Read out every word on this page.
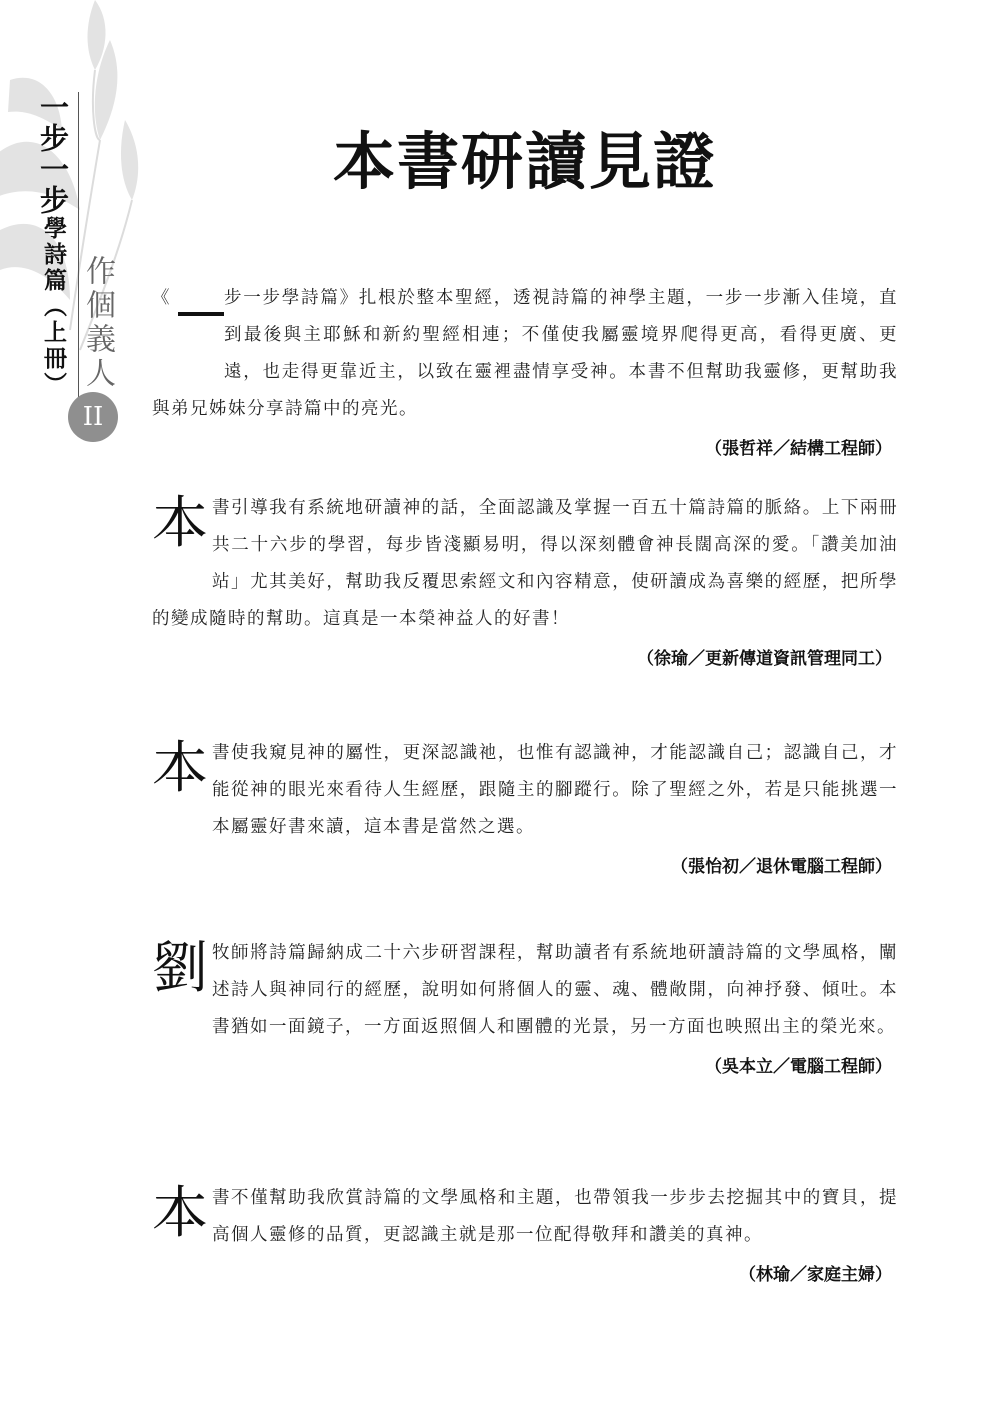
一步一步學詩篇（上冊） 作個義人
II
本書研讀見證
《	步一步學詩篇》扎根於整本聖經，透視詩篇的神學主題，一步一步漸入佳境，直到最後與主耶穌和新約聖經相連；不僅使我屬靈境界爬得更高，看得更廣、更遠，也走得更靠近主，以致在靈裡盡情享受神。本書不但幫助我靈修，更幫助我與弟兄姊妹分享詩篇中的亮光。
（張哲祥／結構工程師）
本 書引導我有系統地研讀神的話，全面認識及掌握一百五十篇詩篇的脈絡。上下兩冊共二十六步的學習，每步皆淺顯易明，得以深刻體會神長闊高深的愛。「讚美加油站」尤其美好，幫助我反覆思索經文和內容精意，使研讀成為喜樂的經歷，把所學的變成隨時的幫助。這真是一本榮神益人的好書！
（徐瑜／更新傳道資訊管理同工）
本 書使我窺見神的屬性，更深認識祂，也惟有認識神，才能認識自己；認識自己，才能從神的眼光來看待人生經歷，跟隨主的腳蹤行。除了聖經之外，若是只能挑選一本屬靈好書來讀，這本書是當然之選。
（張怡初／退休電腦工程師）
劉 牧師將詩篇歸納成二十六步研習課程，幫助讀者有系統地研讀詩篇的文學風格，闡述詩人與神同行的經歷，說明如何將個人的靈、魂、體敞開，向神抒發、傾吐。本書猶如一面鏡子，一方面返照個人和團體的光景，另一方面也映照出主的榮光來。
（吳本立／電腦工程師）
本 書不僅幫助我欣賞詩篇的文學風格和主題，也帶領我一步步去挖掘其中的寶貝，提高個人靈修的品質，更認識主就是那一位配得敬拜和讚美的真神。
（林瑜／家庭主婦）
